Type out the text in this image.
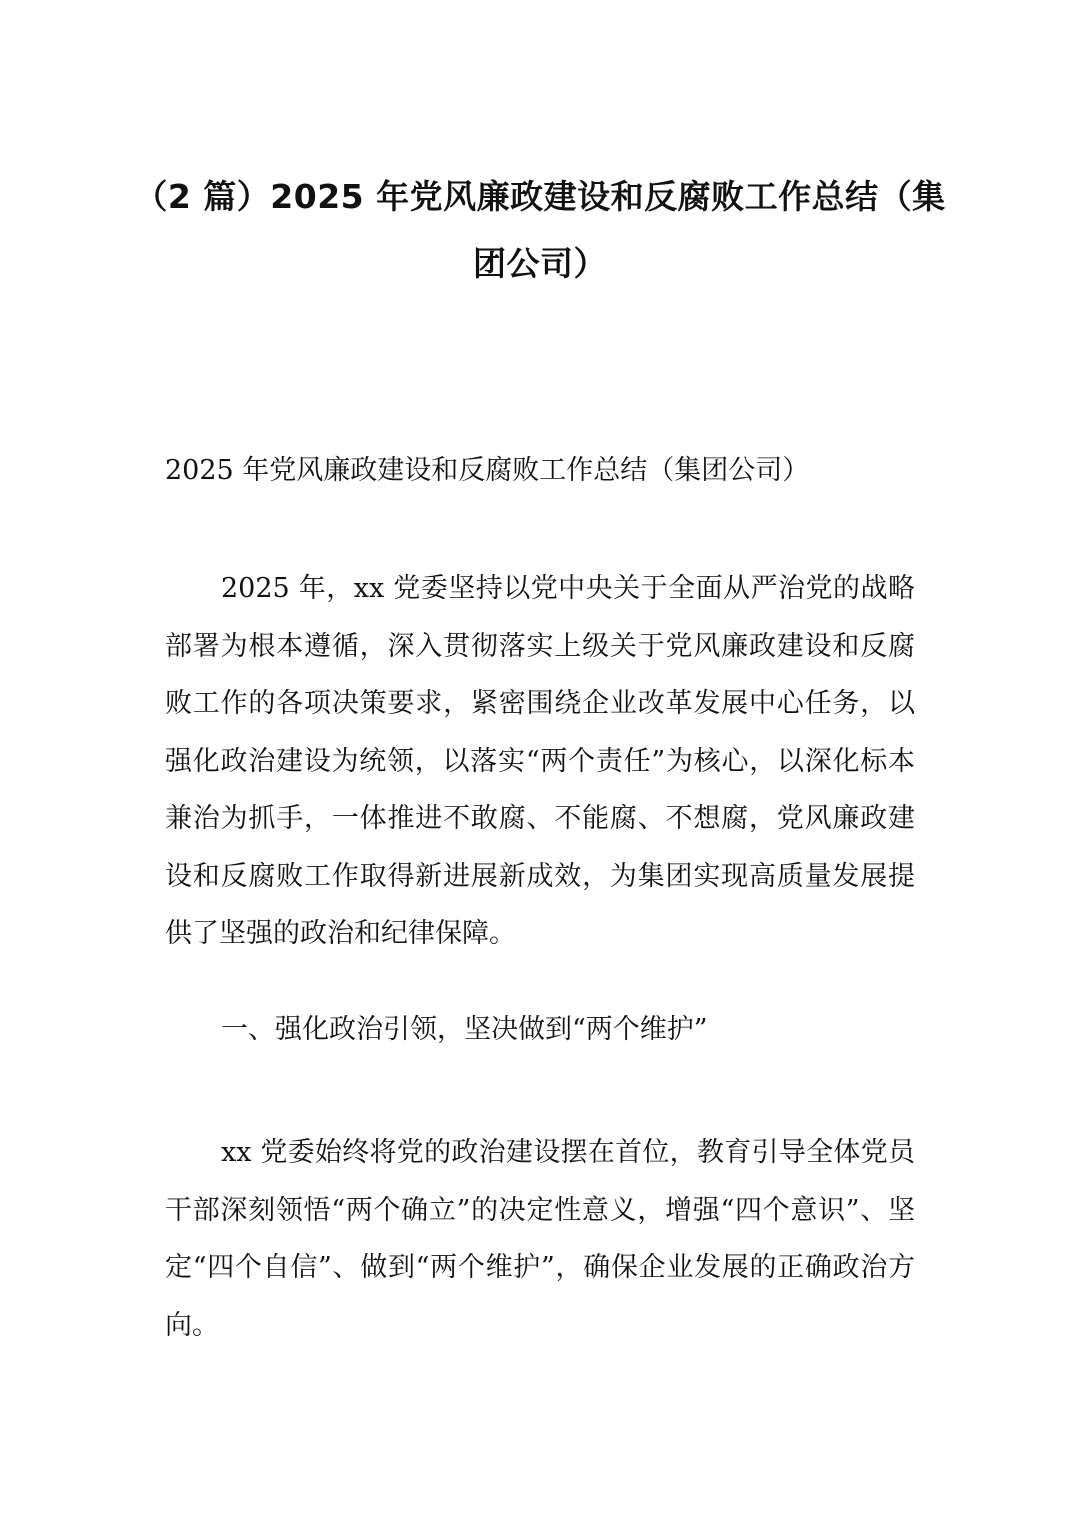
（2 篇）2025 年党风廉政建设和反腐败工作总结（集
团公司）
2025 年党风廉政建设和反腐败工作总结（集团公司）

2025 年，xx 党委坚持以党中央关于全面从严治党的战略部署为根本遵循，深入贯彻落实上级关于党风廉政建设和反腐败工作的各项决策要求，紧密围绕企业改革发展中心任务，以强化政治建设为统领，以落实“两个责任”为核心，以深化标本兼治为抓手，一体推进不敢腐、不能腐、不想腐，党风廉政建设和反腐败工作取得新进展新成效，为集团实现高质量发展提供了坚强的政治和纪律保障。

一、强化政治引领，坚决做到“两个维护”

xx 党委始终将党的政治建设摆在首位，教育引导全体党员干部深刻领悟“两个确立”的决定性意义，增强“四个意识”、坚定“四个自信”、做到“两个维护”，确保企业发展的正确政治方向。
